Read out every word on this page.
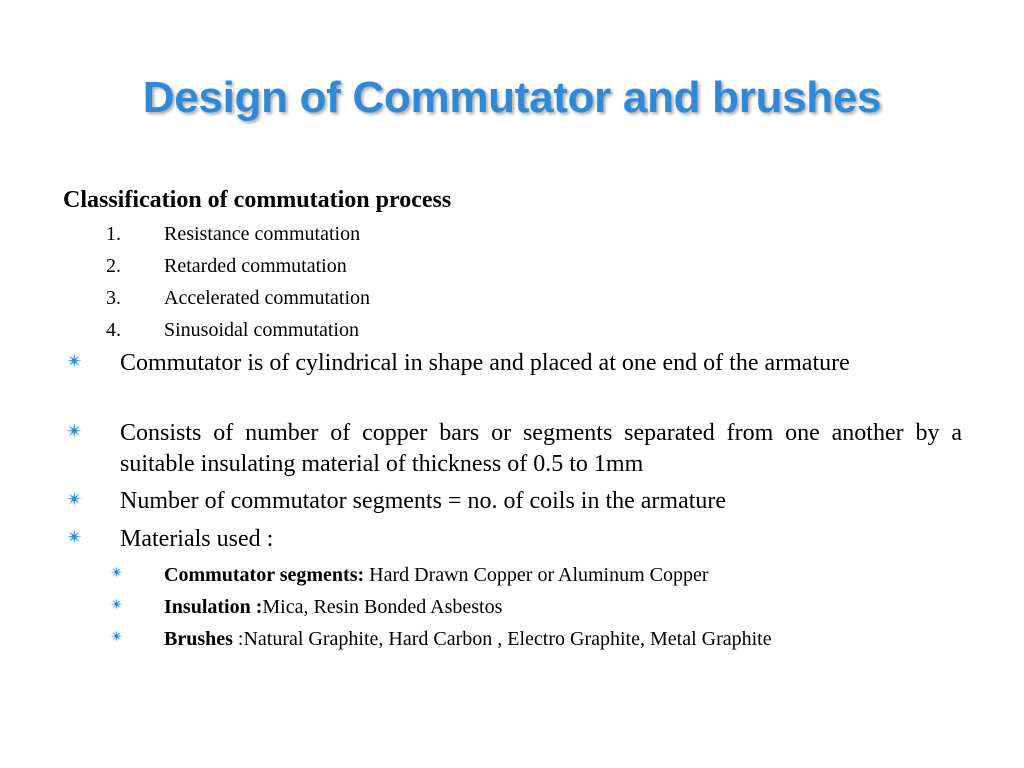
Design of Commutator and brushes
Classification of commutation process
1.	Resistance commutation
2.	Retarded commutation
3.	Accelerated commutation
4.	Sinusoidal commutation
✴ Commutator is of cylindrical in shape and placed at one end of the armature
✴ Consists of number of copper bars or segments separated from one another by a suitable insulating material of thickness of 0.5 to 1mm
✴ Number of commutator segments = no. of coils in the armature
✴ Materials used :
✴ Commutator segments: Hard Drawn Copper or Aluminum Copper
✴ Insulation :Mica, Resin Bonded Asbestos
✴ Brushes :Natural Graphite, Hard Carbon , Electro Graphite, Metal Graphite
